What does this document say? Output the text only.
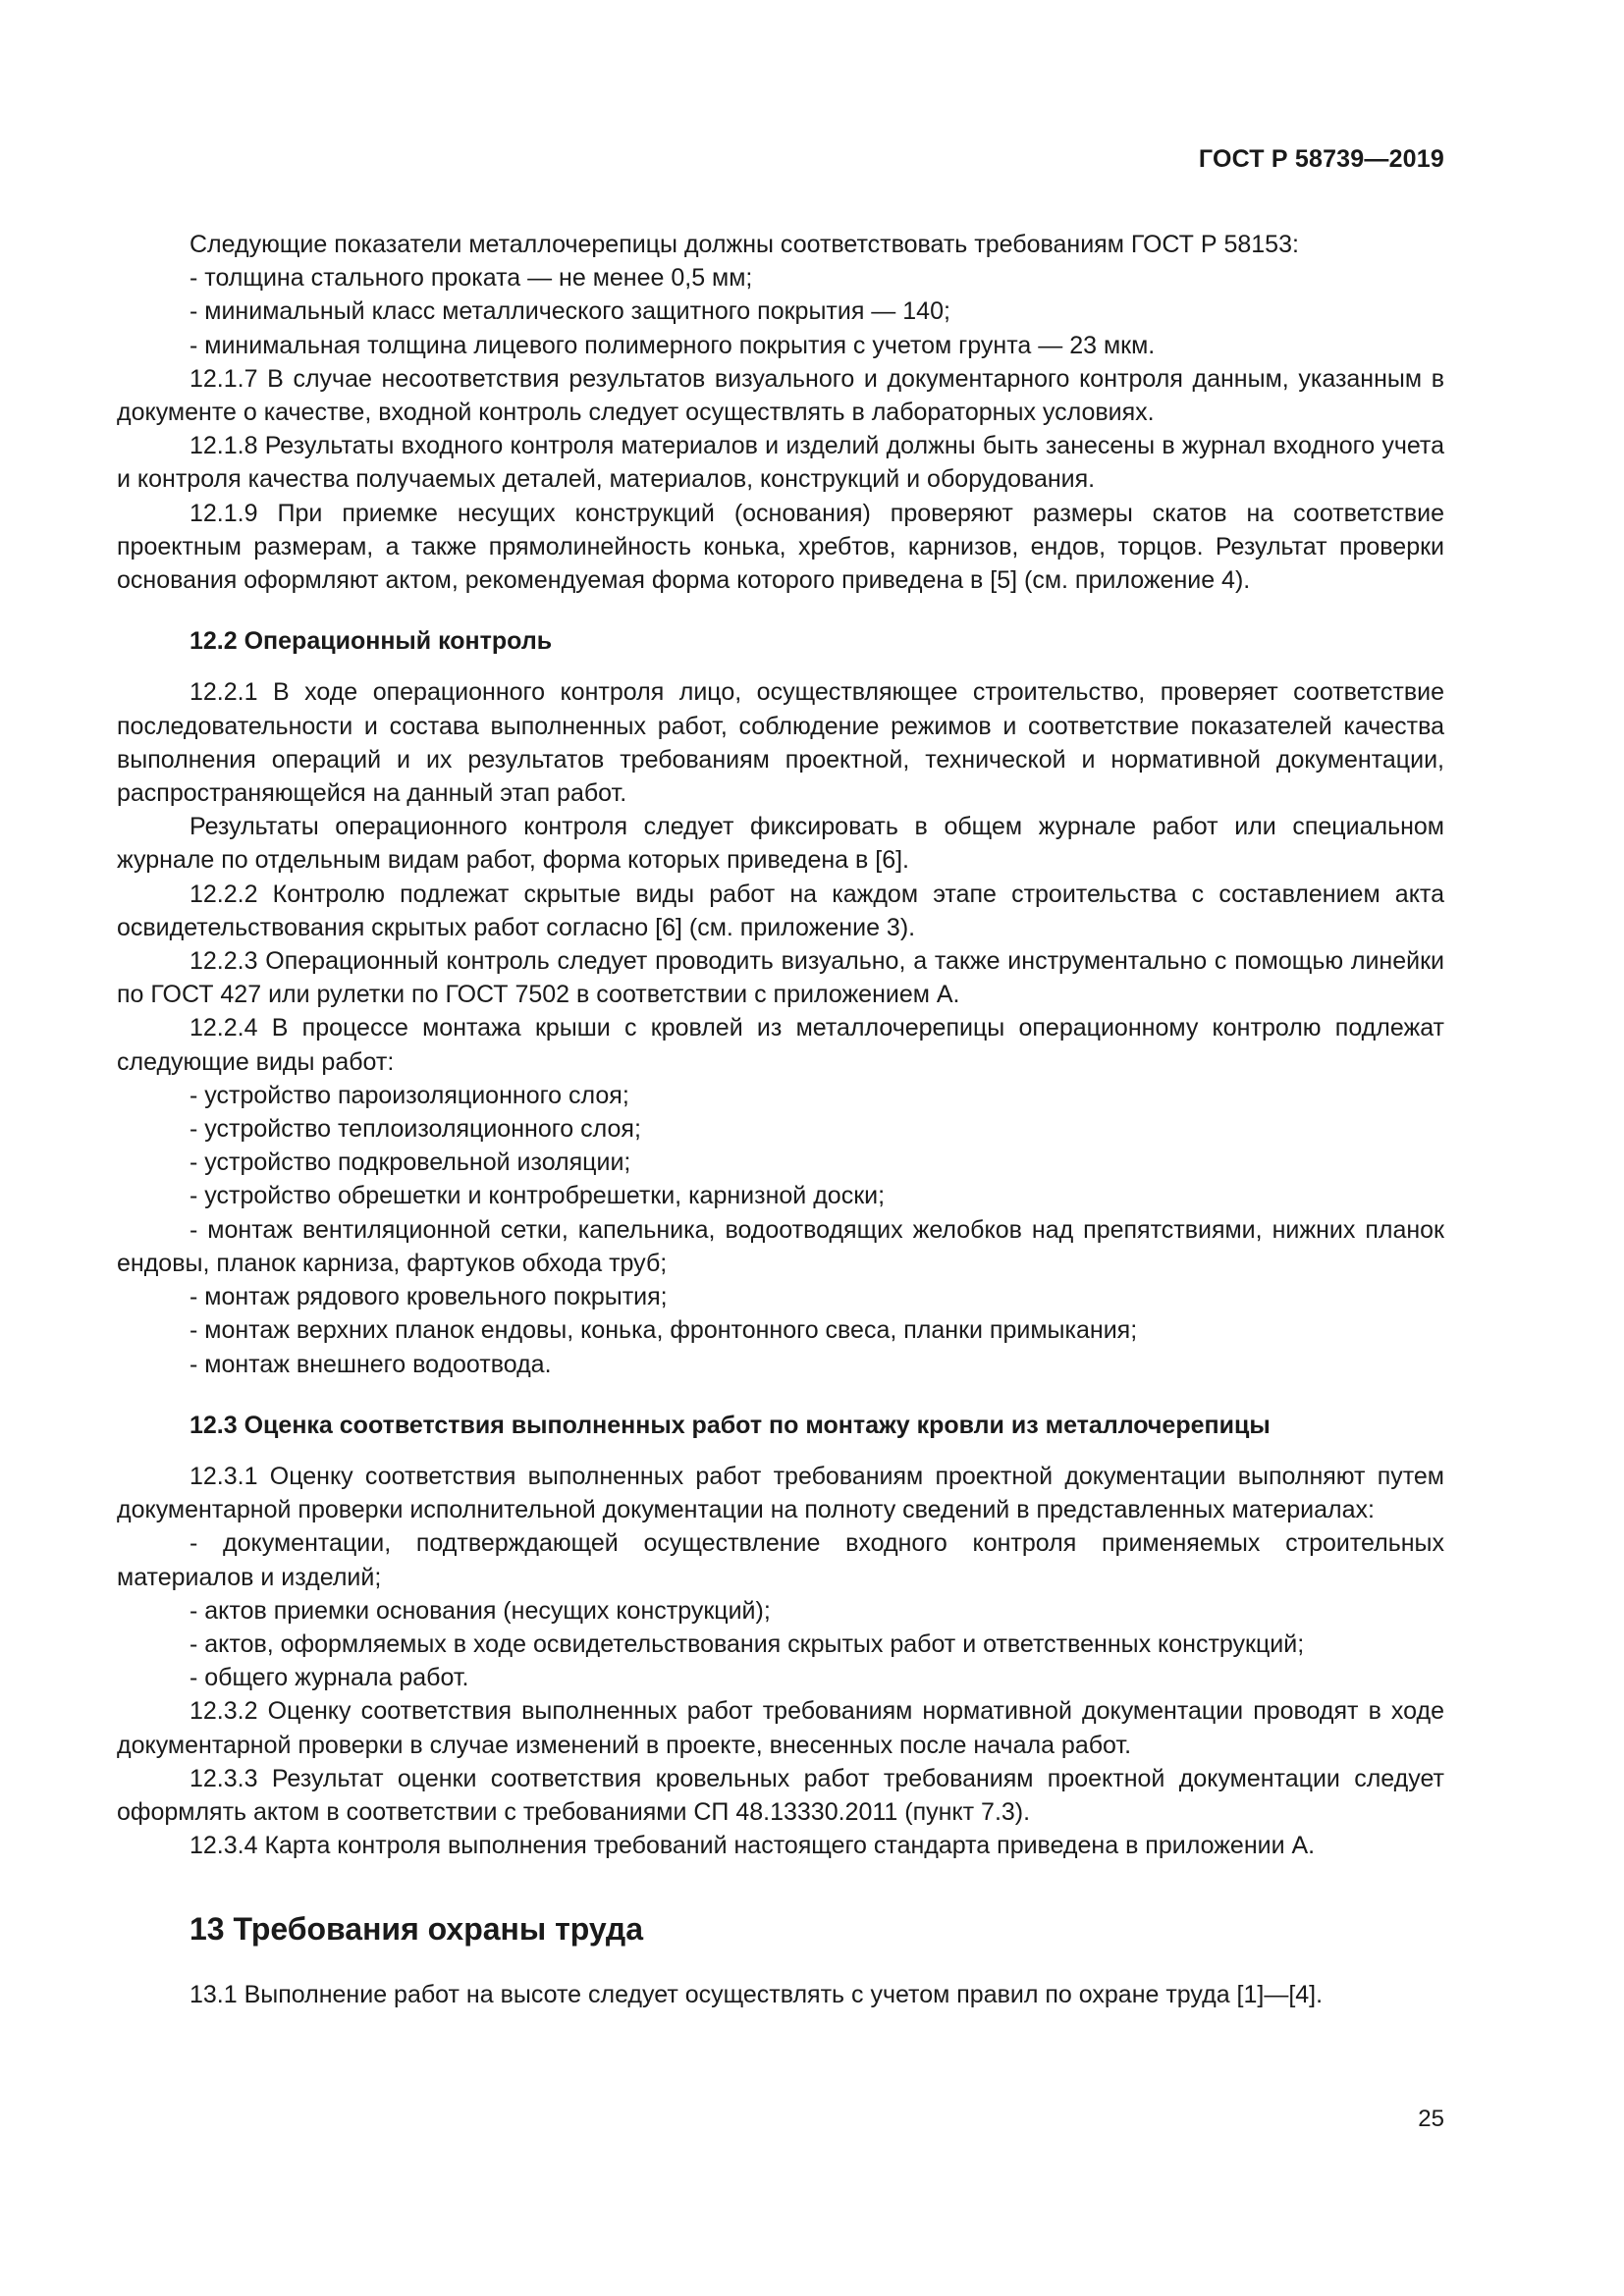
ГОСТ Р 58739—2019

Следующие показатели металлочерепицы должны соответствовать требованиям ГОСТ Р 58153:

- толщина стального проката — не менее 0,5 мм;

- минимальный класс металлического защитного покрытия — 140;

- минимальная толщина лицевого полимерного покрытия с учетом грунта — 23 мкм.

12.1.7 В случае несоответствия результатов визуального и документарного контроля данным, указанным в документе о качестве, входной контроль следует осуществлять в лабораторных условиях.

12.1.8 Результаты входного контроля материалов и изделий должны быть занесены в журнал входного учета и контроля качества получаемых деталей, материалов, конструкций и оборудования.

12.1.9 При приемке несущих конструкций (основания) проверяют размеры скатов на соответствие проектным размерам, а также прямолинейность конька, хребтов, карнизов, ендов, торцов. Результат проверки основания оформляют актом, рекомендуемая форма которого приведена в [5] (см. приложение 4).

12.2 Операционный контроль

12.2.1 В ходе операционного контроля лицо, осуществляющее строительство, проверяет соответствие последовательности и состава выполненных работ, соблюдение режимов и соответствие показателей качества выполнения операций и их результатов требованиям проектной, технической и нормативной документации, распространяющейся на данный этап работ.

Результаты операционного контроля следует фиксировать в общем журнале работ или специальном журнале по отдельным видам работ, форма которых приведена в [6].

12.2.2 Контролю подлежат скрытые виды работ на каждом этапе строительства с составлением акта освидетельствования скрытых работ согласно [6] (см. приложение 3).

12.2.3 Операционный контроль следует проводить визуально, а также инструментально с помощью линейки по ГОСТ 427 или рулетки по ГОСТ 7502 в соответствии с приложением А.

12.2.4 В процессе монтажа крыши с кровлей из металлочерепицы операционному контролю подлежат следующие виды работ:

- устройство пароизоляционного слоя;

- устройство теплоизоляционного слоя;

- устройство подкровельной изоляции;

- устройство обрешетки и контробрешетки, карнизной доски;

- монтаж вентиляционной сетки, капельника, водоотводящих желобков над препятствиями, нижних планок ендовы, планок карниза, фартуков обхода труб;

- монтаж рядового кровельного покрытия;

- монтаж верхних планок ендовы, конька, фронтонного свеса, планки примыкания;

- монтаж внешнего водоотвода.

12.3 Оценка соответствия выполненных работ по монтажу кровли из металлочерепицы

12.3.1 Оценку соответствия выполненных работ требованиям проектной документации выполняют путем документарной проверки исполнительной документации на полноту сведений в представленных материалах:

- документации, подтверждающей осуществление входного контроля применяемых строительных материалов и изделий;

- актов приемки основания (несущих конструкций);

- актов, оформляемых в ходе освидетельствования скрытых работ и ответственных конструкций;

- общего журнала работ.

12.3.2 Оценку соответствия выполненных работ требованиям нормативной документации проводят в ходе документарной проверки в случае изменений в проекте, внесенных после начала работ.

12.3.3 Результат оценки соответствия кровельных работ требованиям проектной документации следует оформлять актом в соответствии с требованиями СП 48.13330.2011 (пункт 7.3).

12.3.4 Карта контроля выполнения требований настоящего стандарта приведена в приложении А.

13 Требования охраны труда

13.1 Выполнение работ на высоте следует осуществлять с учетом правил по охране труда [1]—[4].

25
